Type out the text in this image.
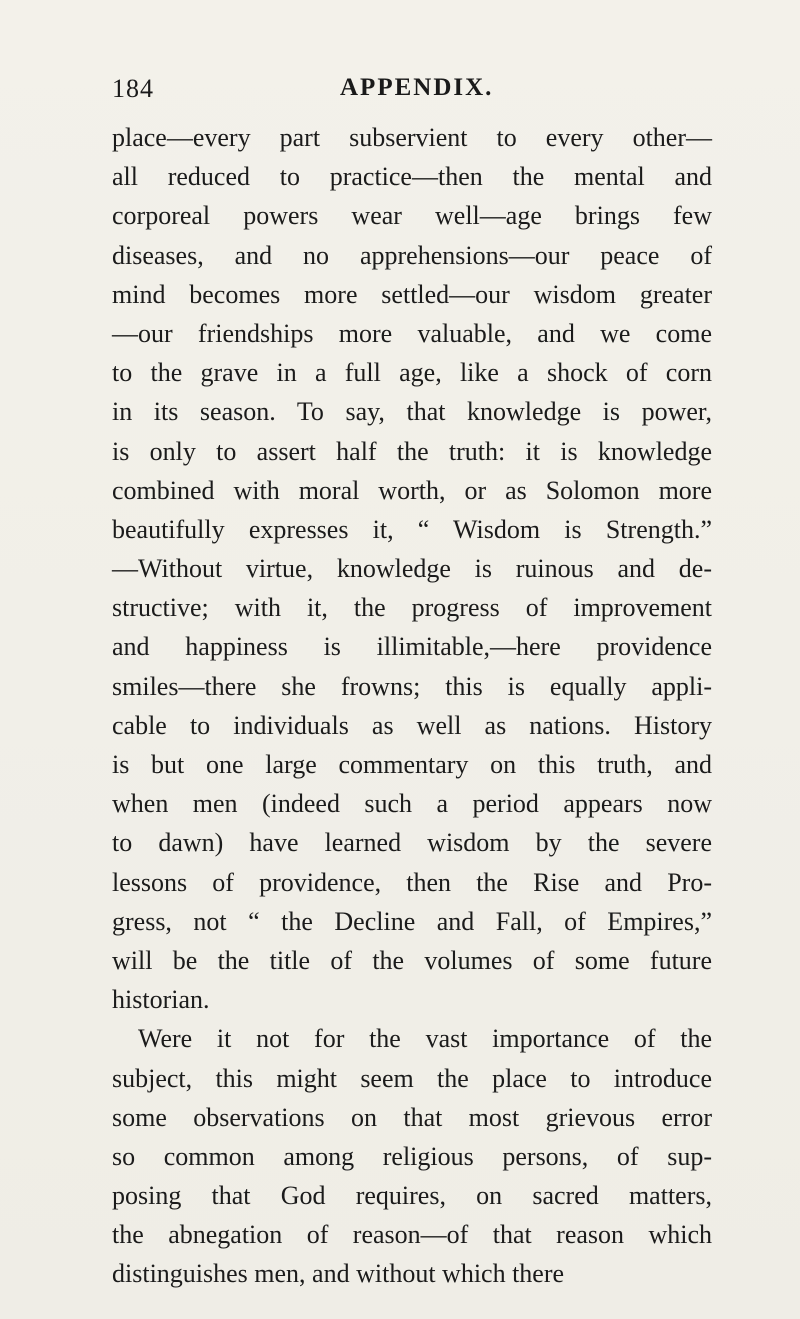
184	APPENDIX.
place—every part subservient to every other—
all reduced to practice—then the mental and
corporeal powers wear well—age brings few
diseases, and no apprehensions—our peace of
mind becomes more settled—our wisdom greater
—our friendships more valuable, and we come
to the grave in a full age, like a shock of corn
in its season. To say, that knowledge is power,
is only to assert half the truth: it is knowledge
combined with moral worth, or as Solomon more
beautifully expresses it, “ Wisdom is Strength.”
—Without virtue, knowledge is ruinous and de-
structive; with it, the progress of improvement
and happiness is illimitable,—here providence
smiles—there she frowns; this is equally appli-
cable to individuals as well as nations. History
is but one large commentary on this truth, and
when men (indeed such a period appears now
to dawn) have learned wisdom by the severe
lessons of providence, then the Rise and Pro-
gress, not “ the Decline and Fall, of Empires,”
will be the title of the volumes of some future
historian.
Were it not for the vast importance of the
subject, this might seem the place to introduce
some observations on that most grievous error
so common among religious persons, of sup-
posing that God requires, on sacred matters,
the abnegation of reason—of that reason which
distinguishes men, and without which there
